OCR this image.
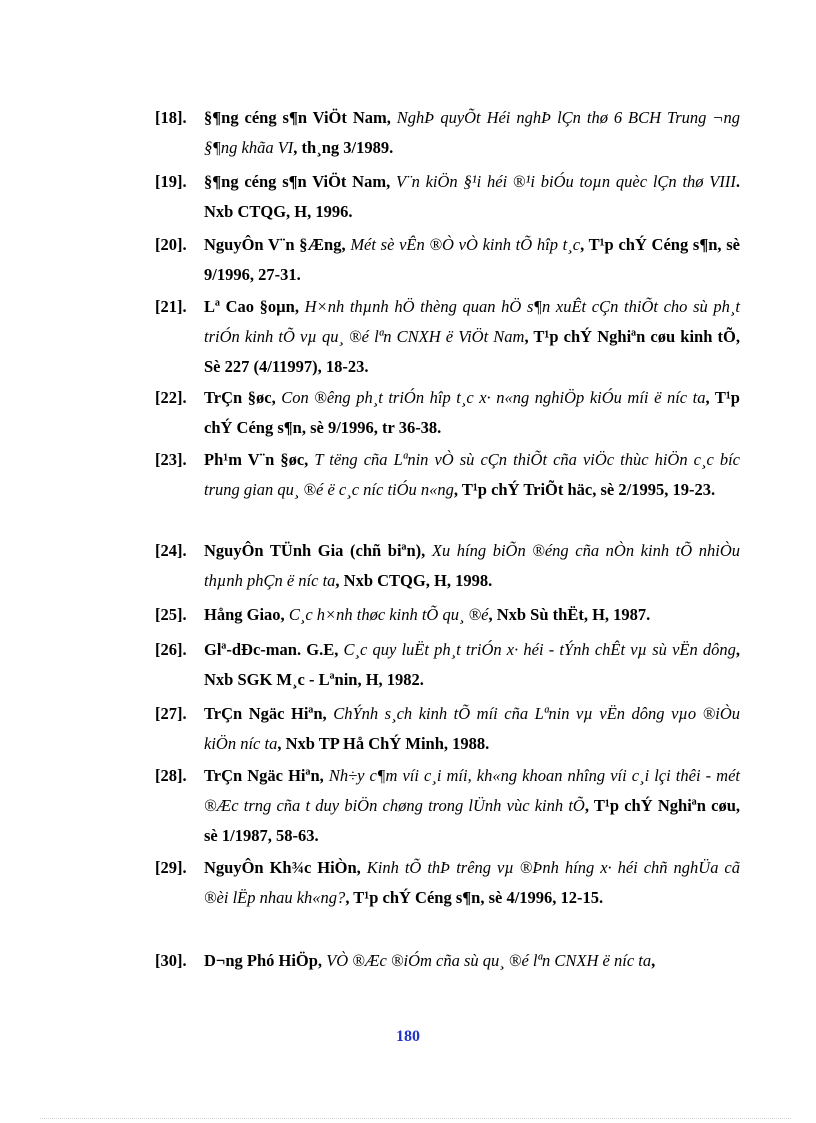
[18]. §¶ng céng s¶n ViÖt Nam, NghÞ quyÕt Héi nghÞ lÇn thø 6 BCH Trung ¬ng §¶ng khãa VI, th¸ng 3/1989.
[19]. §¶ng céng s¶n ViÖt Nam, V¨n kiÖn §¹i héi ®¹i biÓu toµn quèc lÇn thø VIII. Nxb CTQG, H, 1996.
[20]. NguyÔn V¨n §Æng, Mét sè vÊn ®Ò vÒ kinh tÕ hîp t¸c, T¹p chÝ Céng s¶n, sè 9/1996, 27-31.
[21]. Lª Cao §oµn, H×nh thµnh hÖ thèng quan hÖ s¶n xuÊt cÇn thiÕt cho sù ph¸t triÓn kinh tÕ vµ qu¸ ®é lªn CNXH ë ViÖt Nam, T¹p chÝ Nghiªn cøu kinh tÕ, Sè 227 (4/11997), 18-23.
[22]. TrÇn §øc, Con ®êng ph¸t triÓn hîp t¸c x· n«ng nghiÖp kiÓu míi ë níc ta, T¹p chÝ Céng s¶n, sè 9/1996, tr 36-38.
[23]. Ph¹m V¨n §øc, T tëng cña Lªnin vÒ sù cÇn thiÕt cña viÖc thùc hiÖn c¸c bíc trung gian qu¸ ®é ë c¸c níc tiÓu n«ng, T¹p chÝ TriÕt häc, sè 2/1995, 19-23.
[24]. NguyÔn TÜnh Gia (chñ biªn), Xu híng biÕn ®éng cña nÒn kinh tÕ nhiÒu thµnh phÇn ë níc ta, Nxb CTQG, H, 1998.
[25]. Hång Giao, C¸c h×nh thøc kinh tÕ qu¸ ®é, Nxb Sù thËt, H, 1987.
[26]. Glª-dÐc-man. G.E, C¸c quy luËt ph¸t triÓn x· héi - tÝnh chÊt vµ sù vËn dông, Nxb SGK M¸c - Lªnin, H, 1982.
[27]. TrÇn Ngäc Hiªn, ChÝnh s¸ch kinh tÕ míi cña Lªnin vµ vËn dông vµo ®iÒu kiÖn níc ta, Nxb TP Hå ChÝ Minh, 1988.
[28]. TrÇn Ngäc Hiªn, Nh÷y c¶m víi c¸i míi, kh«ng khoan nhîng víi c¸i lçi thêi - mét ®Æc trng cña t duy biÖn chøng trong lÜnh vùc kinh tÕ, T¹p chÝ Nghiªn cøu, sè 1/1987, 58-63.
[29]. NguyÔn Kh¾c HiÒn, Kinh tÕ thÞ trêng vµ ®Þnh híng x· héi chñ nghÜa cã ®èi lËp nhau kh«ng?, T¹p chÝ Céng s¶n, sè 4/1996, 12-15.
[30]. D¬ng Phó HiÖp, VÒ ®Æc ®iÓm cña sù qu¸ ®é lªn CNXH ë níc ta,
180
